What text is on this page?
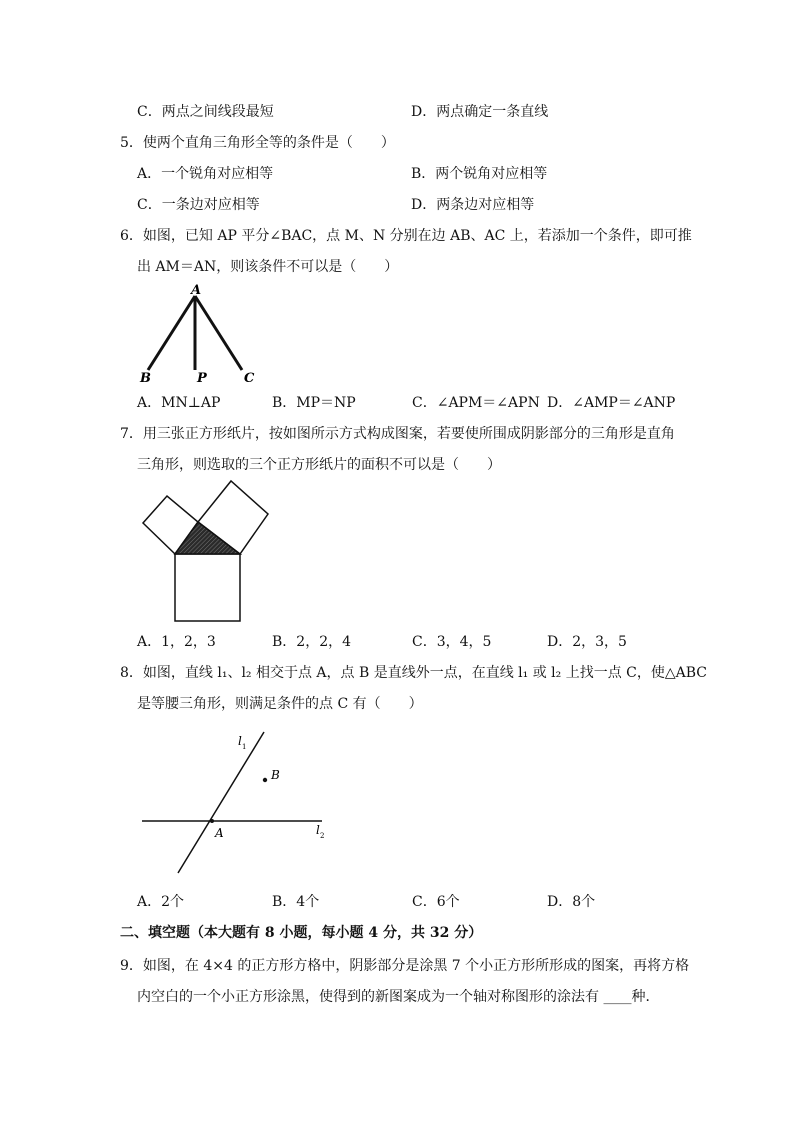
C．两点之间线段最短	D．两点确定一条直线
5．使两个直角三角形全等的条件是（　　）
A．一个锐角对应相等	B．两个锐角对应相等
C．一条边对应相等	D．两条边对应相等
6．如图，已知 AP 平分∠BAC，点 M、N 分别在边 AB、AC 上，若添加一个条件，即可推
出 AM＝AN，则该条件不可以是（　　）
A
B	P	C
A．MN⊥AP	B．MP＝NP	C．∠APM＝∠APN D．∠AMP＝∠ANP
7．用三张正方形纸片，按如图所示方式构成图案，若要使所围成阴影部分的三角形是直角
三角形，则选取的三个正方形纸片的面积不可以是（　　）
A．1，2，3	B．2，2，4	C．3，4，5	D．2，3，5
8．如图，直线 l₁、l₂ 相交于点 A，点 B 是直线外一点，在直线 l₁ 或 l₂ 上找一点 C，使△ABC
是等腰三角形，则满足条件的点 C 有（　　）
l 1
B
A	l 2
A．2个	B．4个	C．6个	D．8个
二、填空题（本大题有 8 小题，每小题 4 分，共 32 分）
9．如图，在 4×4 的正方形方格中，阴影部分是涂黑 7 个小正方形所形成的图案，再将方格
内空白的一个小正方形涂黑，使得到的新图案成为一个轴对称图形的涂法有 ____种．
